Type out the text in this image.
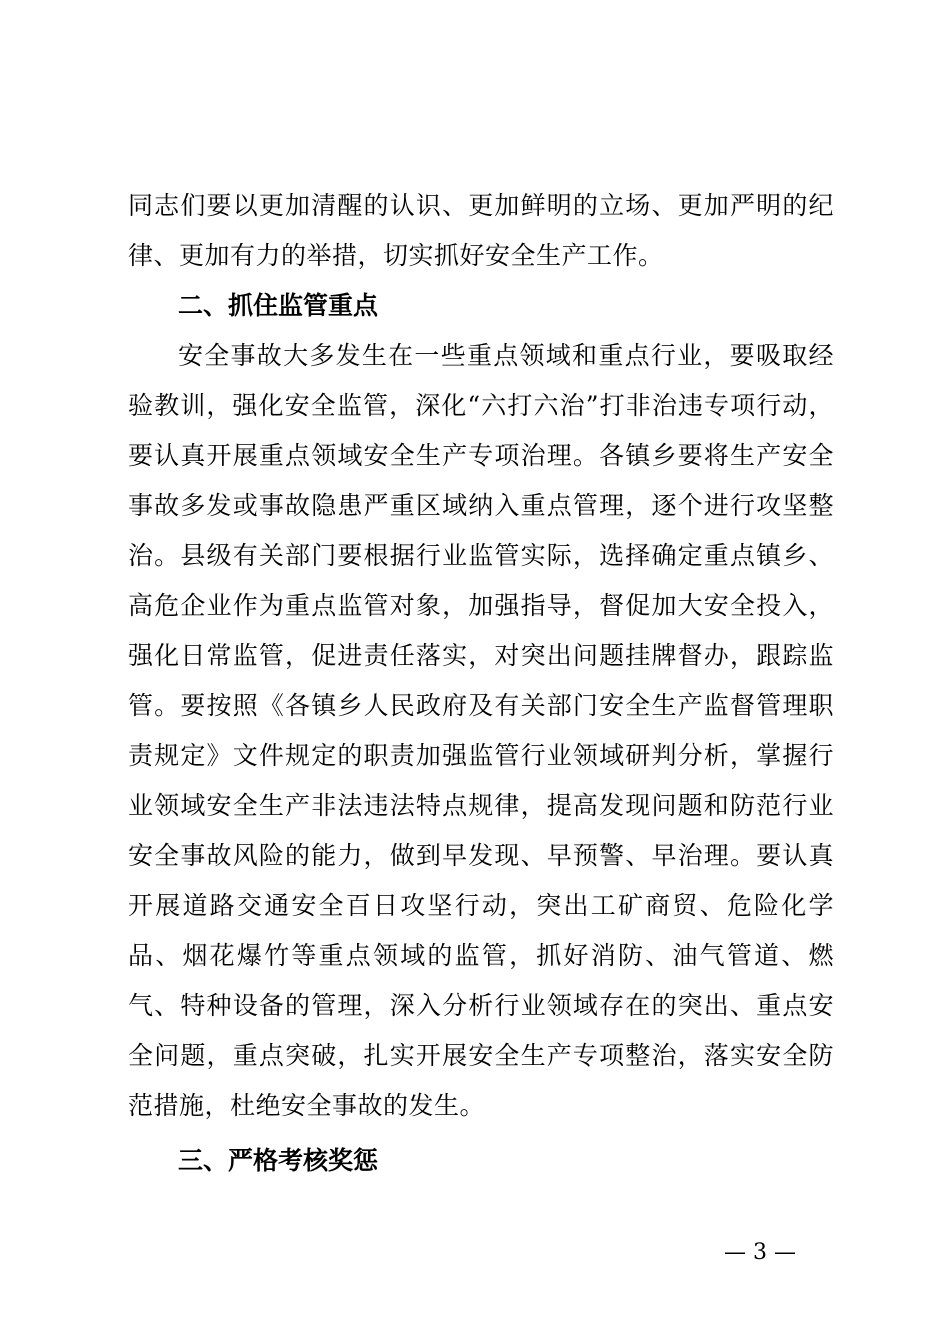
同志们要以更加清醒的认识、更加鲜明的立场、更加严明的纪律、更加有力的举措，切实抓好安全生产工作。

二、抓住监管重点

安全事故大多发生在一些重点领域和重点行业，要吸取经验教训，强化安全监管，深化“六打六治”打非治违专项行动，要认真开展重点领域安全生产专项治理。各镇乡要将生产安全事故多发或事故隐患严重区域纳入重点管理，逐个进行攻坚整治。县级有关部门要根据行业监管实际，选择确定重点镇乡、高危企业作为重点监管对象，加强指导，督促加大安全投入，强化日常监管，促进责任落实，对突出问题挂牌督办，跟踪监管。要按照《各镇乡人民政府及有关部门安全生产监督管理职责规定》文件规定的职责加强监管行业领域研判分析，掌握行业领域安全生产非法违法特点规律，提高发现问题和防范行业安全事故风险的能力，做到早发现、早预警、早治理。要认真开展道路交通安全百日攻坚行动，突出工矿商贸、危险化学品、烟花爆竹等重点领域的监管，抓好消防、油气管道、燃气、特种设备的管理，深入分析行业领域存在的突出、重点安全问题，重点突破，扎实开展安全生产专项整治，落实安全防范措施，杜绝安全事故的发生。

三、严格考核奖惩
— 3 —
